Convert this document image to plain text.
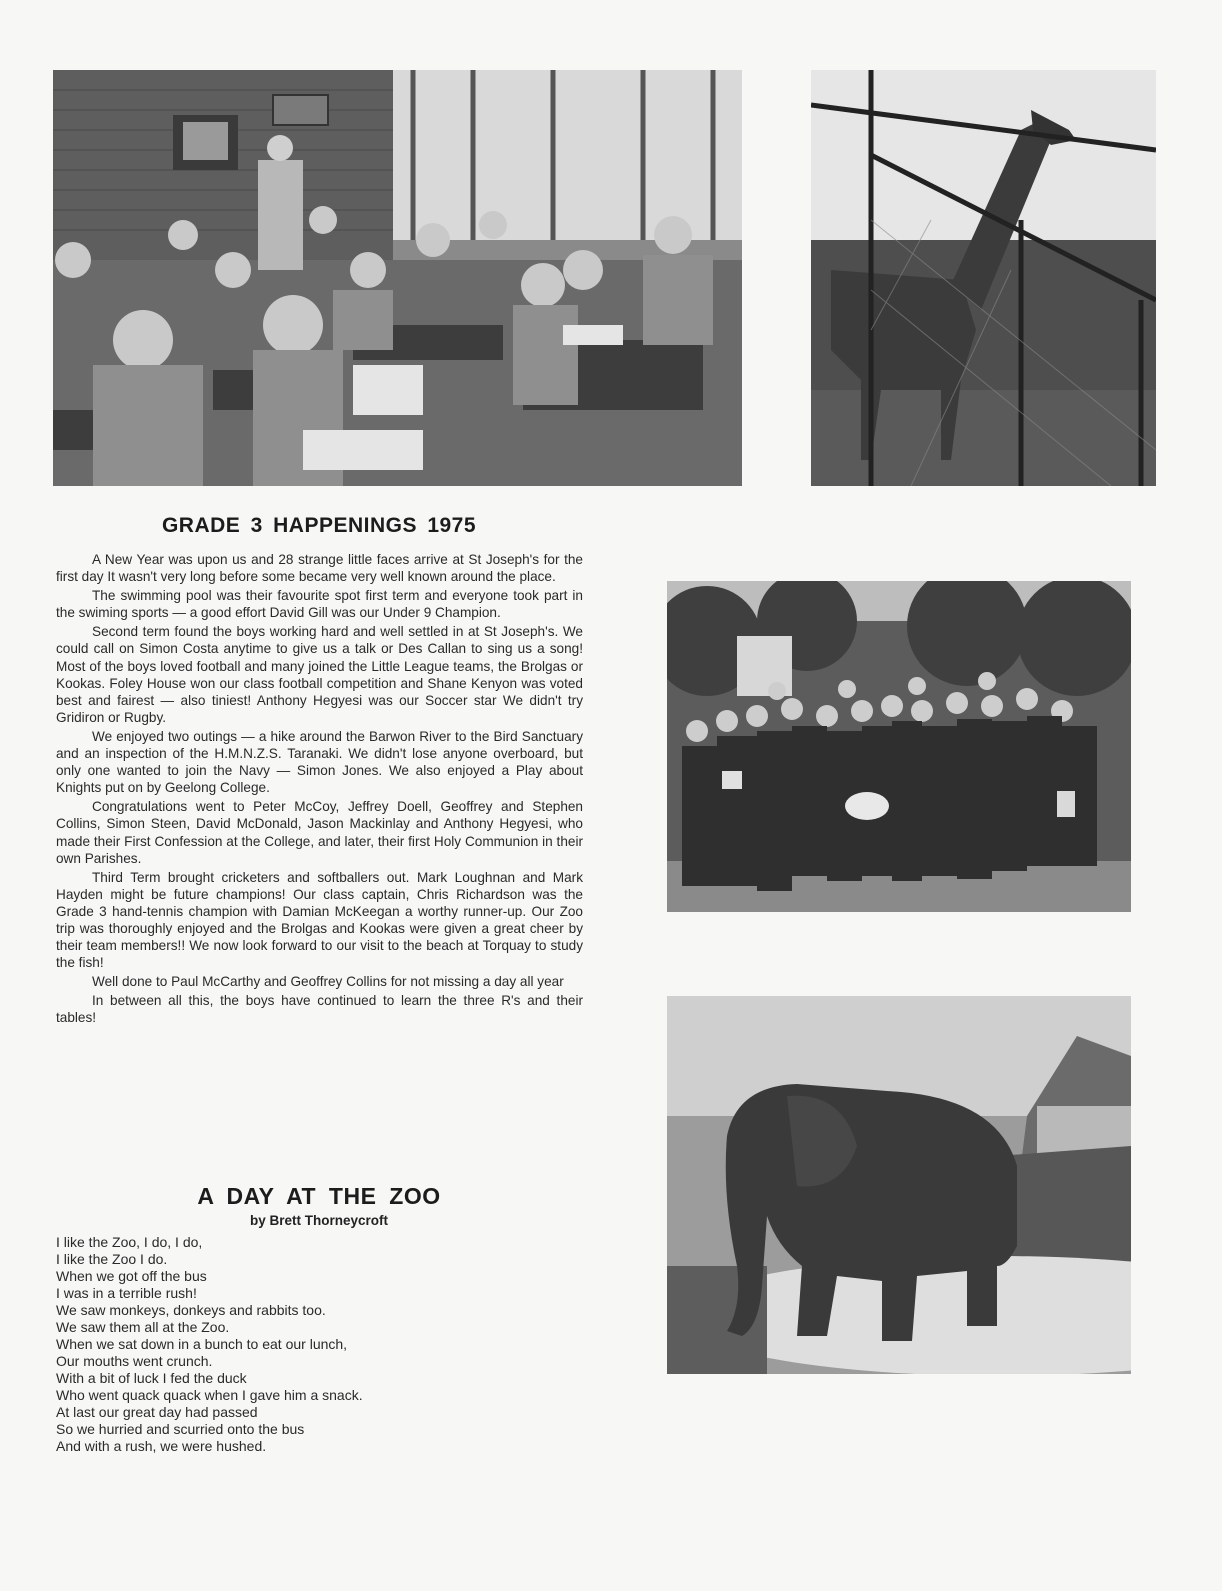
GRADE 3 HAPPENINGS 1975

A New Year was upon us and 28 strange little faces arrive at St Joseph's for the first day It wasn't very long before some became very well known around the place.

The swimming pool was their favourite spot first term and everyone took part in the swiming sports — a good effort David Gill was our Under 9 Champion.

Second term found the boys working hard and well settled in at St Joseph's. We could call on Simon Costa anytime to give us a talk or Des Callan to sing us a song! Most of the boys loved football and many joined the Little League teams, the Brolgas or Kookas. Foley House won our class football competition and Shane Kenyon was voted best and fairest — also tiniest! Anthony Hegyesi was our Soccer star We didn't try Gridiron or Rugby.

We enjoyed two outings — a hike around the Barwon River to the Bird Sanctuary and an inspection of the H.M.N.Z.S. Taranaki. We didn't lose anyone overboard, but only one wanted to join the Navy — Simon Jones. We also enjoyed a Play about Knights put on by Geelong College.

Congratulations went to Peter McCoy, Jeffrey Doell, Geoffrey and Stephen Collins, Simon Steen, David McDonald, Jason Mackinlay and Anthony Hegyesi, who made their First Confession at the College, and later, their first Holy Communion in their own Parishes.

Third Term brought cricketers and softballers out. Mark Loughnan and Mark Hayden might be future champions! Our class captain, Chris Richardson was the Grade 3 hand-tennis champion with Damian McKeegan a worthy runner-up. Our Zoo trip was thoroughly enjoyed and the Brolgas and Kookas were given a great cheer by their team members!! We now look forward to our visit to the beach at Torquay to study the fish!

Well done to Paul McCarthy and Geoffrey Collins for not missing a day all year

In between all this, the boys have continued to learn the three R's and their tables!

A DAY AT THE ZOO
by Brett Thorneycroft
I like the Zoo, I do, I do,
I like the Zoo I do.
When we got off the bus
I was in a terrible rush!
We saw monkeys, donkeys and rabbits too.
We saw them all at the Zoo.
When we sat down in a bunch to eat our lunch,
Our mouths went crunch.
With a bit of luck I fed the duck
Who went quack quack when I gave him a snack.
At last our great day had passed
So we hurried and scurried onto the bus
And with a rush, we were hushed.
